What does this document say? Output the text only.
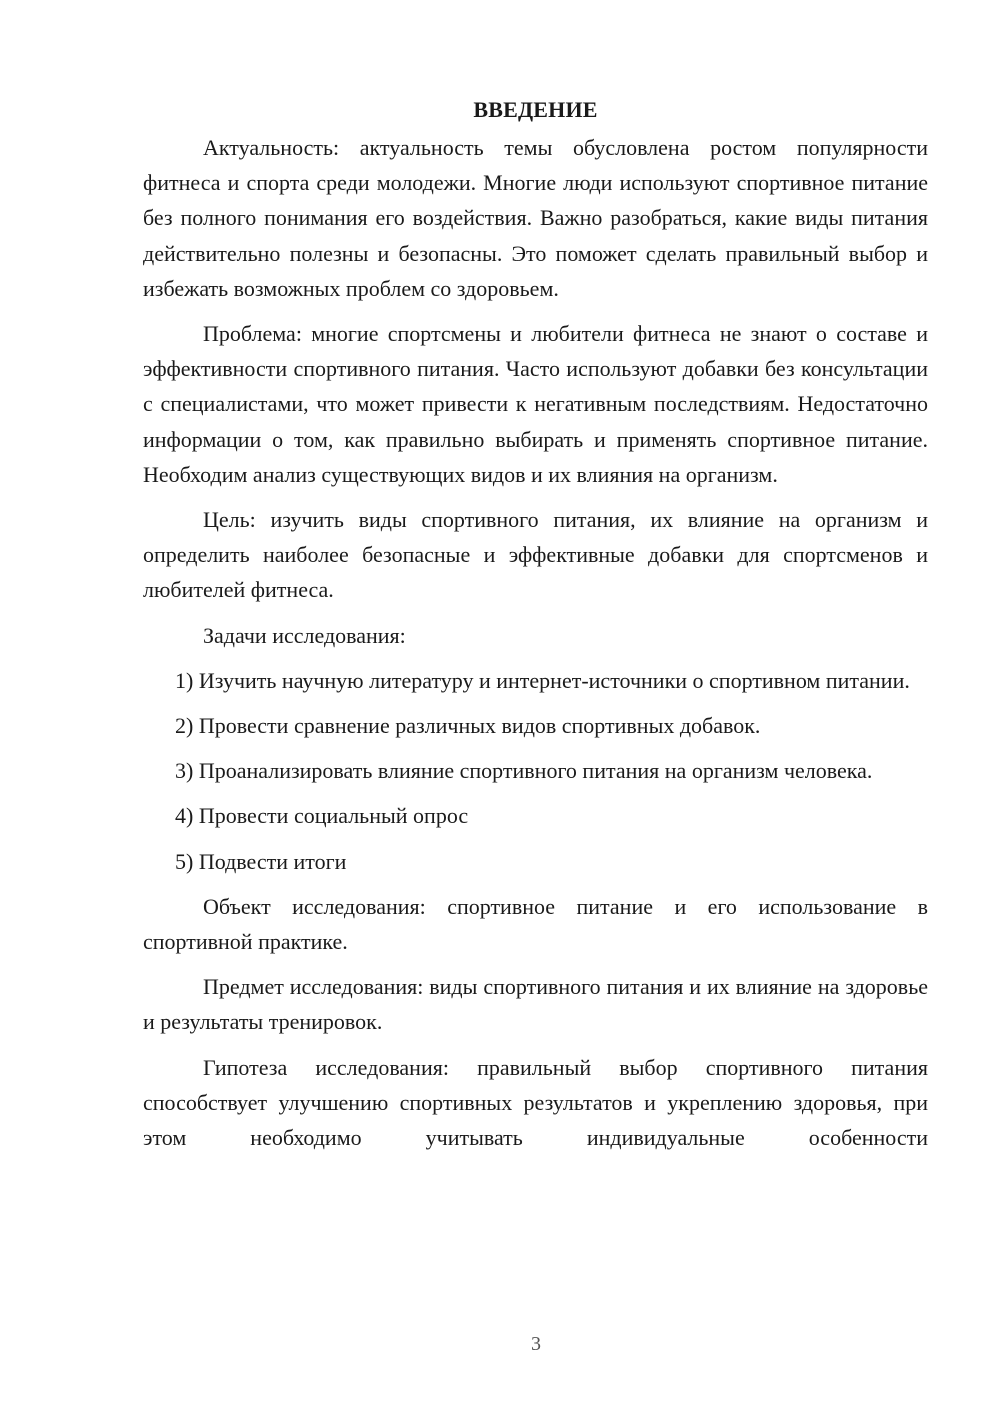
ВВЕДЕНИЕ

Актуальность: актуальность темы обусловлена ростом популярности фитнеса и спорта среди молодежи. Многие люди используют спортивное питание без полного понимания его воздействия. Важно разобраться, какие виды питания действительно полезны и безопасны. Это поможет сделать правильный выбор и избежать возможных проблем со здоровьем.

Проблема: многие спортсмены и любители фитнеса не знают о составе и эффективности спортивного питания. Часто используют добавки без консультации с специалистами, что может привести к негативным последствиям. Недостаточно информации о том, как правильно выбирать и применять спортивное питание. Необходим анализ существующих видов и их влияния на организм.

Цель: изучить виды спортивного питания, их влияние на организм и определить наиболее безопасные и эффективные добавки для спортсменов и любителей фитнеса.

Задачи исследования:

1) Изучить научную литературу и интернет-источники о спортивном питании.

2) Провести сравнение различных видов спортивных добавок.

3) Проанализировать влияние спортивного питания на организм человека.

4) Провести социальный опрос

5) Подвести итоги

Объект исследования: спортивное питание и его использование в спортивной практике.

Предмет исследования: виды спортивного питания и их влияние на здоровье и результаты тренировок.

Гипотеза исследования: правильный выбор спортивного питания способствует улучшению спортивных результатов и укреплению здоровья, при этом необходимо учитывать индивидуальные особенности

3
